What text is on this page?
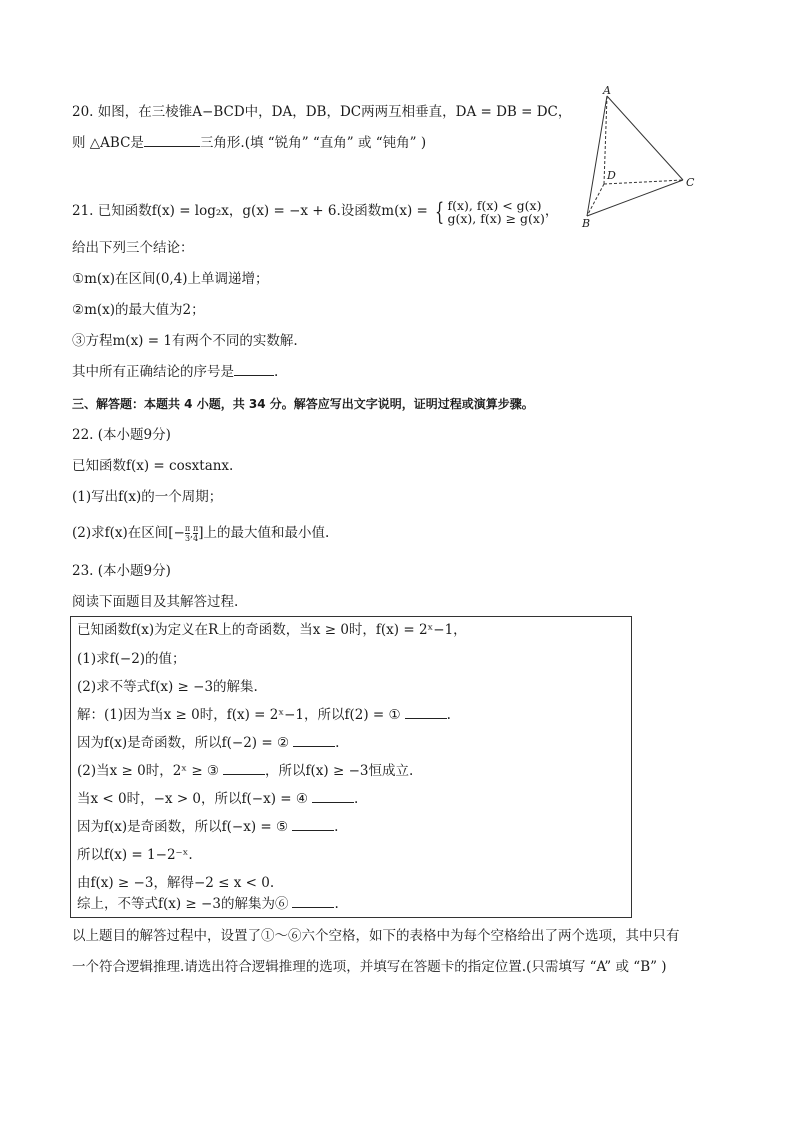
20. 如图，在三棱锥A−BCD中，DA，DB，DC两两互相垂直，DA = DB = DC，
则 △ABC是	三角形.(填 “锐角” “直角” 或 “钝角” )
A
B
C
D
21. 已知函数f(x) = log₂x，g(x) = −x + 6.设函数m(x) = { f(x), f(x) < g(x)
g(x), f(x) ≥ g(x) ，
给出下列三个结论：
①m(x)在区间(0,4)上单调递增；
②m(x)的最大值为2；
③方程m(x) = 1有两个不同的实数解.
其中所有正确结论的序号是	.
三、解答题：本题共 4 小题，共 34 分。解答应写出文字说明，证明过程或演算步骤。
22. (本小题9分)
已知函数f(x) = cosxtanx.
(1)写出f(x)的一个周期；
(2)求f(x)在区间[− $\frac{\pi}{3}$ , $\frac{\pi}{4}$ ]上的最大值和最小值.
23. (本小题9分)
阅读下面题目及其解答过程.
已知函数f(x)为定义在R上的奇函数，当x ≥ 0时，f(x) = 2ˣ−1，
(1)求f(−2)的值；
(2)求不等式f(x) ≥ −3的解集.
解：(1)因为当x ≥ 0时，f(x) = 2ˣ−1，所以f(2) = ①	.
因为f(x)是奇函数，所以f(−2) = ②	.
(2)当x ≥ 0时，2ˣ ≥ ③	，所以f(x) ≥ −3恒成立.
当x < 0时，−x > 0，所以f(−x) = ④	.
因为f(x)是奇函数，所以f(−x) = ⑤	.
所以f(x) = 1−2⁻ˣ.
由f(x) ≥ −3，解得−2 ≤ x < 0.
综上，不等式f(x) ≥ −3的解集为⑥	.
以上题目的解答过程中，设置了①～⑥六个空格，如下的表格中为每个空格给出了两个选项，其中只有
一个符合逻辑推理.请选出符合逻辑推理的选项，并填写在答题卡的指定位置.(只需填写 “A” 或 “B” )
